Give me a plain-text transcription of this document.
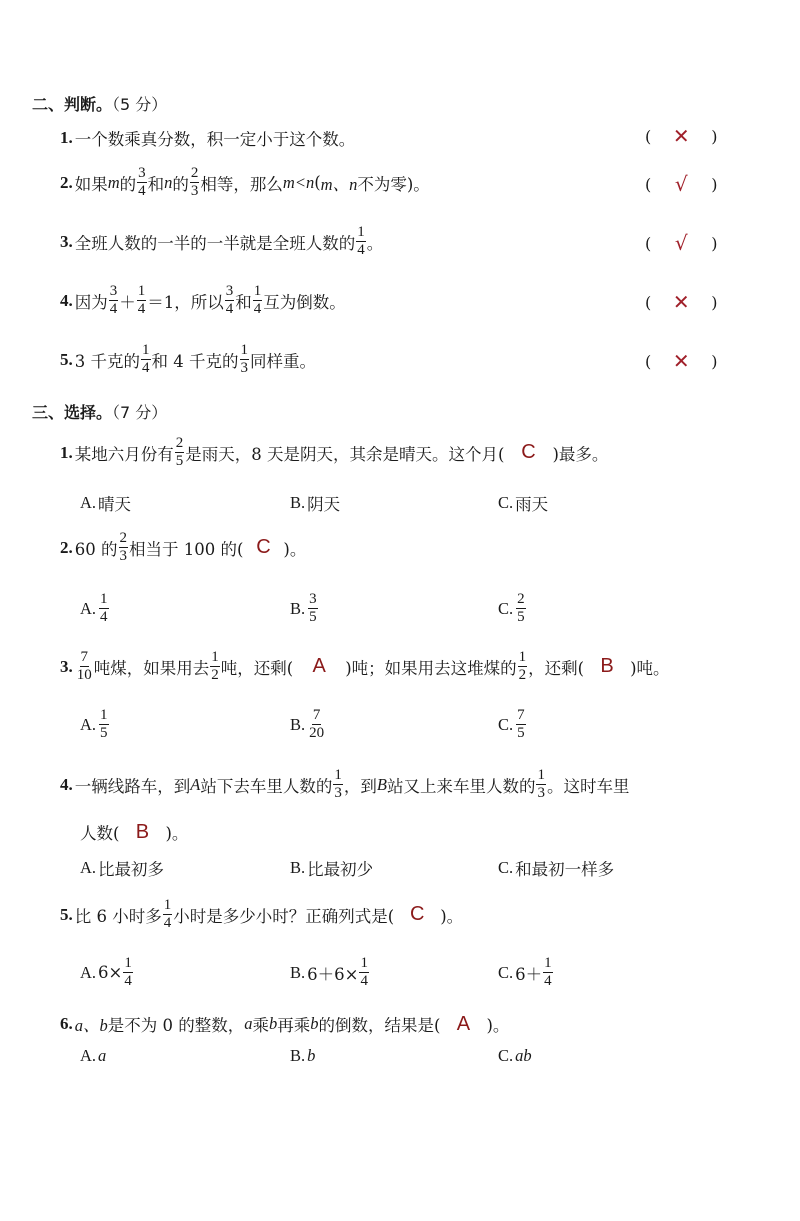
二、判断。（5 分）
1. 一个数乘真分数，积一定小于这个数。	(	✕	)
2. 如果 m 的 $\frac{3}{4}$ 和 n 的 $\frac{2}{3}$ 相等，那么 m<n ( m、n 不为零)。	(	√	)
3. 全班人数的一半的一半就是全班人数的 $\frac{1}{4}$ 。	(	√	)
4. 因为 $\frac{3}{4} + \frac{1}{4} =1$，所以 $\frac{3}{4}$ 和 $\frac{1}{4}$ 互为倒数。	(	✕	)
5. 3 千克的 $\frac{1}{4}$ 和 4 千克的 $\frac{1}{3}$ 同样重。	(	✕	)
三、选择。（7 分）
1. 某地六月份有 $\frac{2}{5}$ 是雨天，8 天是阴天，其余是晴天。这个月( C	)最多。
A. 晴天	B. 阴天	C. 雨天
2. 60 的 $\frac{2}{3}$ 相当于 100 的( C )。
A. $\frac{1}{4}$	B. $\frac{3}{5}$	C. $\frac{2}{5}$
3. $\frac{7}{10}$ 吨煤，如果用去 $\frac{1}{2}$ 吨，还剩( A	)吨；如果用去这堆煤的 $\frac{1}{2}$ ，还剩( B )吨。
A. $\frac{1}{5}$	B. $\frac{7}{20}$	C. $\frac{7}{5}$
4. 一辆线路车，到 A 站下去车里人数的 $\frac{1}{3}$ ，到 B 站又上来车里人数的 $\frac{1}{3}$ 。这时车里
人数( B )。
A. 比最初多	B. 比最初少	C. 和最初一样多
5. 比 6 小时多 $\frac{1}{4}$ 小时是多少小时？正确列式是( C )。
A. $6\times \frac{1}{4}$	B. $6+6\times \frac{1}{4}$	C. $6+ \frac{1}{4}$
6. a、b 是不为 0 的整数， a 乘 b 再乘 b 的倒数，结果是( A )。
A. a	B. b	C. ab
